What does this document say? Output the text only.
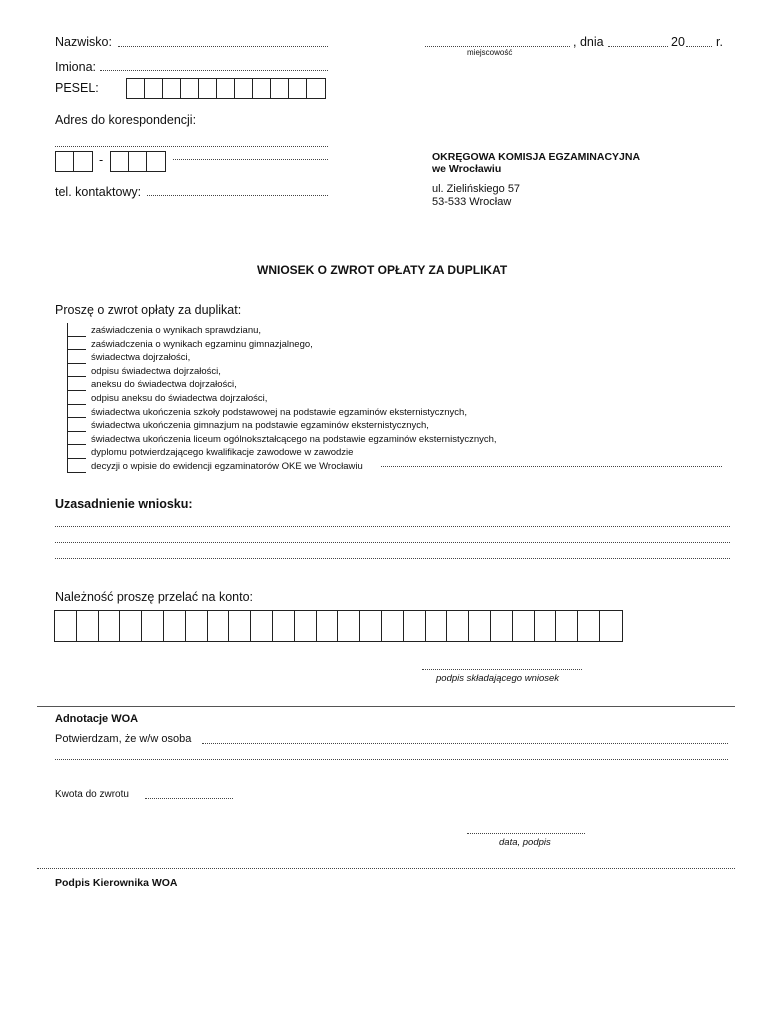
Nazwisko:
Imiona:
PESEL:
Adres do korespondencji:
-
tel. kontaktowy:
, dnia	20 r.
miejscowość
OKRĘGOWA KOMISJA EGZAMINACYJNA
we Wrocławiu
ul. Zielińskiego 57
53-533 Wrocław
WNIOSEK O ZWROT OPŁATY ZA DUPLIKAT
Proszę o zwrot opłaty za duplikat:
zaświadczenia o wynikach sprawdzianu,
zaświadczenia o wynikach egzaminu gimnazjalnego,
świadectwa dojrzałości,
odpisu świadectwa dojrzałości,
aneksu do świadectwa dojrzałości,
odpisu aneksu do świadectwa dojrzałości,
świadectwa ukończenia szkoły podstawowej na podstawie egzaminów eksternistycznych,
świadectwa ukończenia gimnazjum na podstawie egzaminów eksternistycznych,
świadectwa ukończenia liceum ogólnokształcącego na podstawie egzaminów eksternistycznych,
dyplomu potwierdzającego kwalifikacje zawodowe w zawodzie
decyzji o wpisie do ewidencji egzaminatorów OKE we Wrocławiu
Uzasadnienie wniosku:
Należność proszę przelać na konto:
podpis składającego wniosek
Adnotacje WOA
Potwierdzam, że w/w osoba
Kwota do zwrotu
data, podpis
Podpis Kierownika WOA
